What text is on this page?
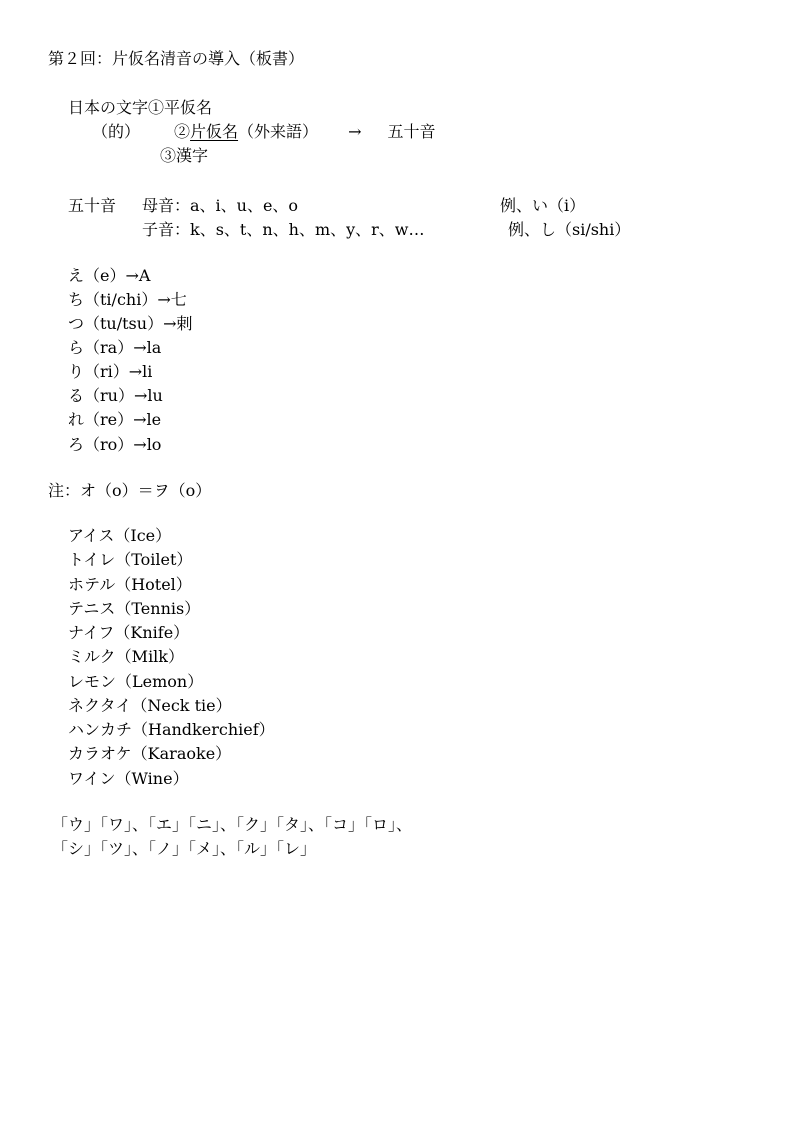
第２回：片仮名清音の導入（板書）
日本の文字①平仮名
（的） ②片仮名（外来語） → 五十音
③漢字
五十音 母音：a、i、u、e、o	例、い（i）
子音：k、s、t、n、h、m、y、r、w…	例、し（si/shi）
え（e）→A
ち（ti/chi）→七
つ（tu/tsu）→剌
ら（ra）→la
り（ri）→li
る（ru）→lu
れ（re）→le
ろ（ro）→lo
注：オ（o）＝ヲ（o）
アイス（Ice）
トイレ（Toilet）
ホテル（Hotel）
テニス（Tennis）
ナイフ（Knife）
ミルク（Milk）
レモン（Lemon）
ネクタイ（Neck tie）
ハンカチ（Handkerchief）
カラオケ（Karaoke）
ワイン（Wine）
「ウ」「ワ」、「エ」「ニ」、「ク」「タ」、「コ」「ロ」、
「シ」「ツ」、「ノ」「メ」、「ル」「レ」
